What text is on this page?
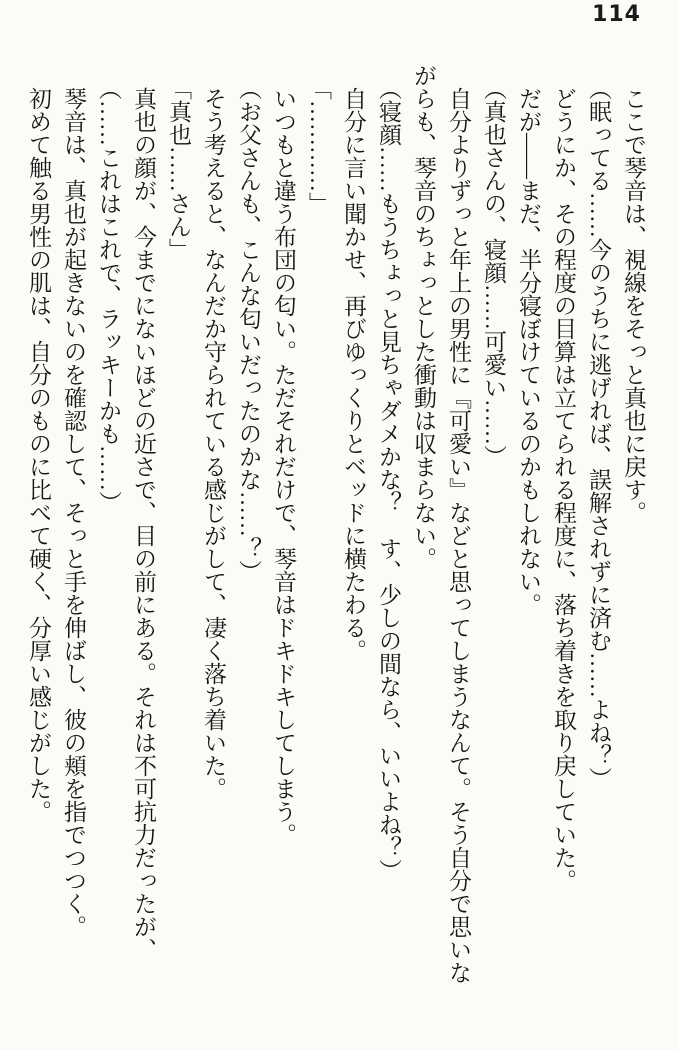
114

ここで琴音は、視線をそっと真也に戻す。

（眠ってる……今のうちに逃げれば、誤解されずに済む……よね？）

どうにか、その程度の目算は立てられる程度に、落ち着きを取り戻していた。

だが――まだ、半分寝ぼけているのかもしれない。

（真也さんの、寝顔……可愛い……）

自分よりずっと年上の男性に『可愛い』などと思ってしまうなんて。そう自分で思いながらも、琴音のちょっとした衝動は収まらない。

（寝顔……もうちょっと見ちゃダメかな？　す、少しの間なら、いいよね？）

自分に言い聞かせ、再びゆっくりとベッドに横たわる。

「…………」

いつもと違う布団の匂い。ただそれだけで、琴音はドキドキしてしまう。

（お父さんも、こんな匂いだったのかな……？）

そう考えると、なんだか守られている感じがして、凄く落ち着いた。

「真也……さん」

真也の顔が、今までにないほどの近さで、目の前にある。それは不可抗力だったが、

（……これはこれで、ラッキーかも……）

琴音は、真也が起きないのを確認して、そっと手を伸ばし、彼の頬を指でつつく。

初めて触る男性の肌は、自分のものに比べて硬く、分厚い感じがした。
